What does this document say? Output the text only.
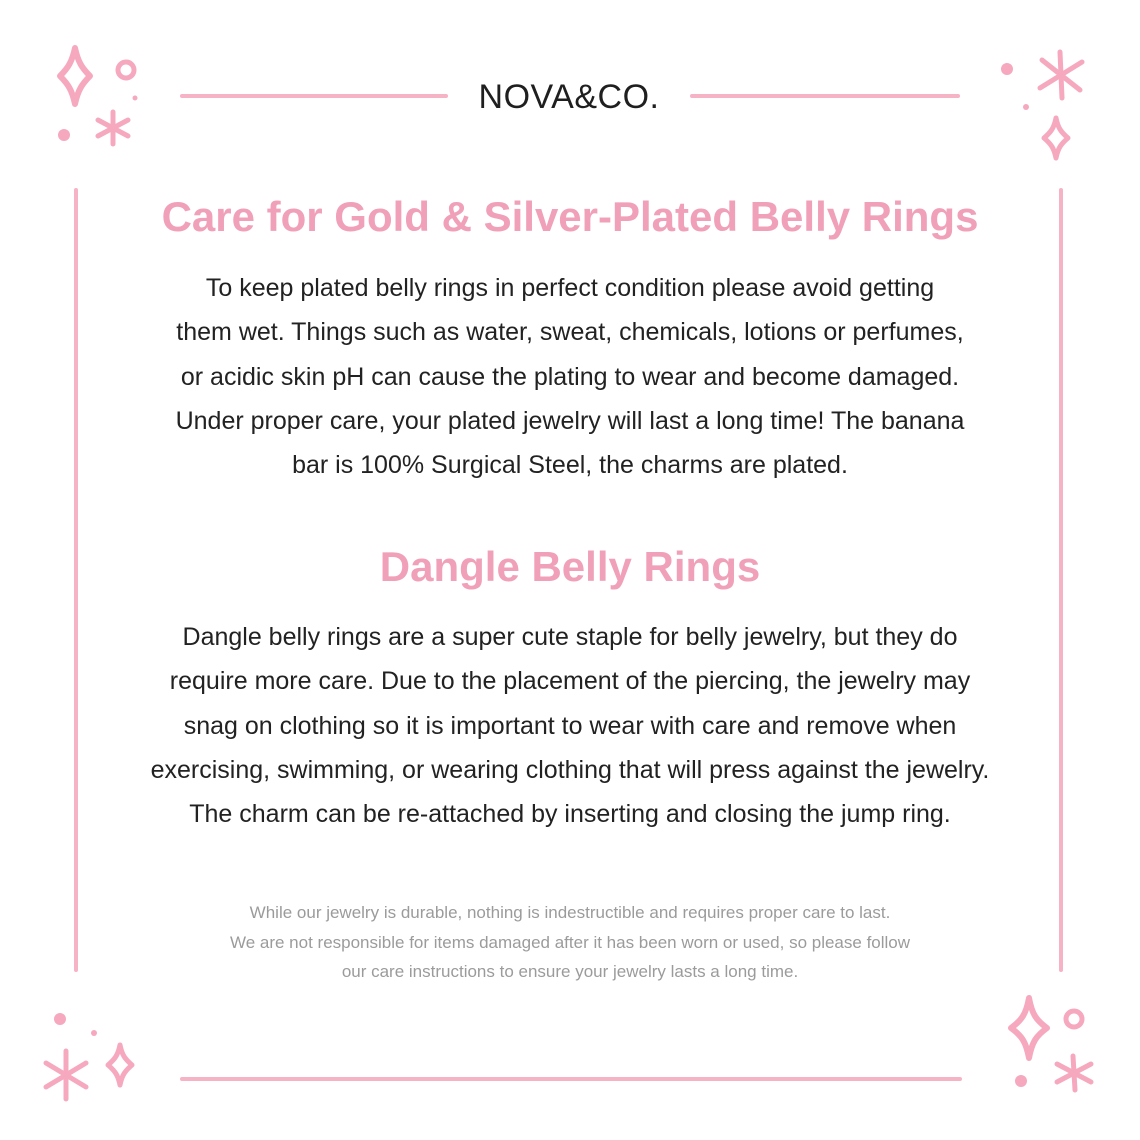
NOVA&CO.
Care for Gold & Silver-Plated Belly Rings
To keep plated belly rings in perfect condition please avoid getting
them wet. Things such as water, sweat, chemicals, lotions or perfumes,
or acidic skin pH can cause the plating to wear and become damaged.
Under proper care, your plated jewelry will last a long time! The banana
bar is 100% Surgical Steel, the charms are plated.
Dangle Belly Rings
Dangle belly rings are a super cute staple for belly jewelry, but they do
require more care. Due to the placement of the piercing, the jewelry may
snag on clothing so it is important to wear with care and remove when
exercising, swimming, or wearing clothing that will press against the jewelry.
The charm can be re-attached by inserting and closing the jump ring.
While our jewelry is durable, nothing is indestructible and requires proper care to last.
We are not responsible for items damaged after it has been worn or used, so please follow
our care instructions to ensure your jewelry lasts a long time.
